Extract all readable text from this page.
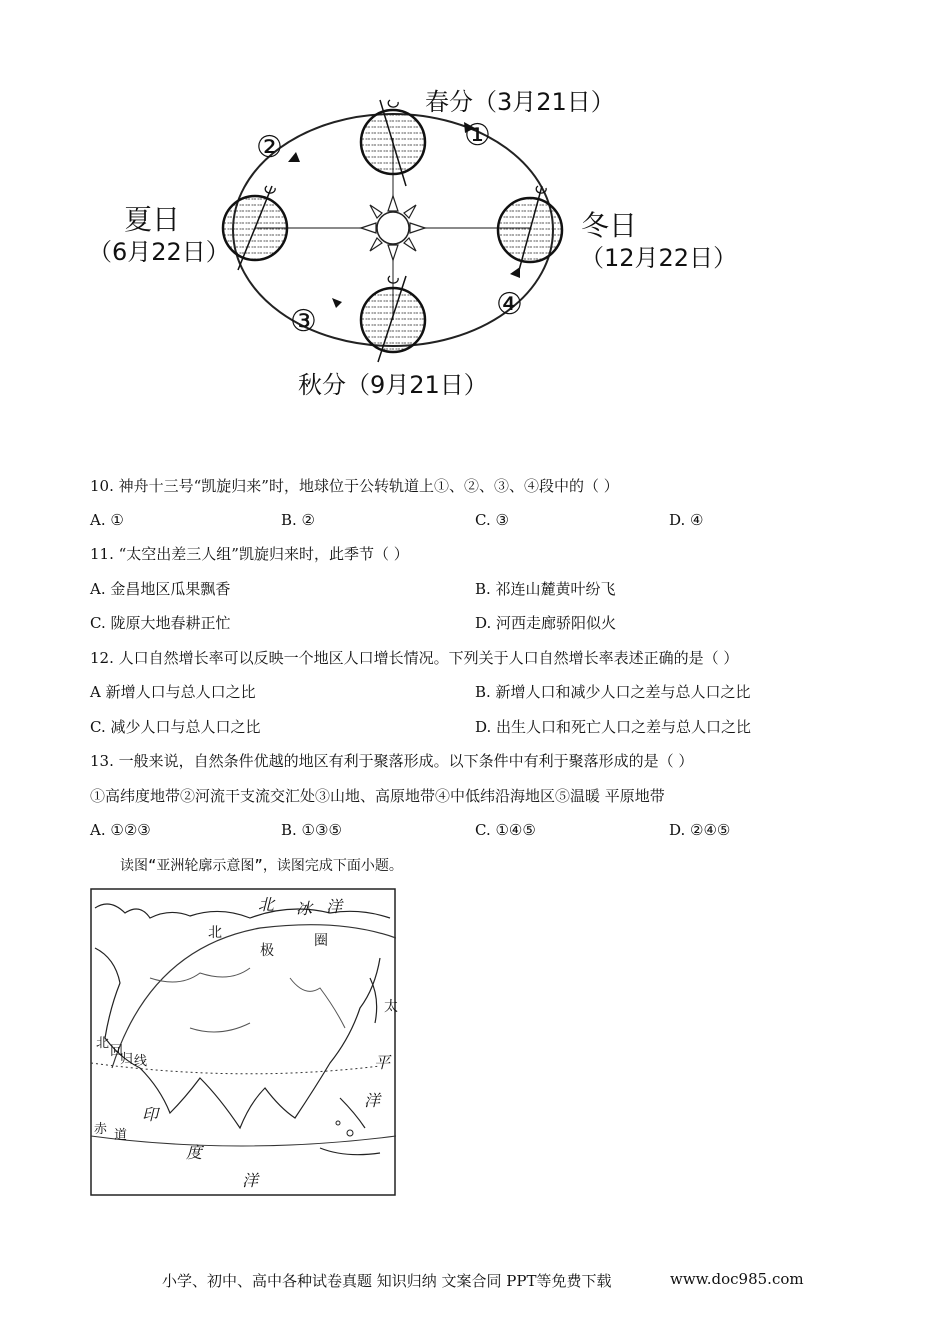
春分（3月21日）
①
②
夏日
（6月22日）
冬日
（12月22日）
③	④
秋分（9月21日）
10. 神舟十三号“凯旋归来”时，地球位于公转轨道上①、②、③、④段中的（ ）
A. ①	B. ②	C. ③	D. ④
11. “太空出差三人组”凯旋归来时，此季节（ ）
A. 金昌地区瓜果飘香	B. 祁连山麓黄叶纷飞
C. 陇原大地春耕正忙	D. 河西走廊骄阳似火
12. 人口自然增长率可以反映一个地区人口增长情况。下列关于人口自然增长率表述正确的是（ ）
A 新增人口与总人口之比	B. 新增人口和减少人口之差与总人口之比
C. 减少人口与总人口之比	D. 出生人口和死亡人口之差与总人口之比
13. 一般来说，自然条件优越的地区有利于聚落形成。以下条件中有利于聚落形成的是（ ）
①高纬度地带②河流干支流交汇处③山地、高原地带④中低纬沿海地区⑤温暖 平原地带
A. ①②③	B. ①③⑤	C. ①④⑤	D. ②④⑤
读图“亚洲轮廓示意图”，读图完成下面小题。
北 冰 洋
北
极
圈
太
平
洋
北
回
归 线
赤 道
印
度
洋
小学、初中、高中各种试卷真题 知识归纳 文案合同 PPT等免费下载	www.doc985.com
